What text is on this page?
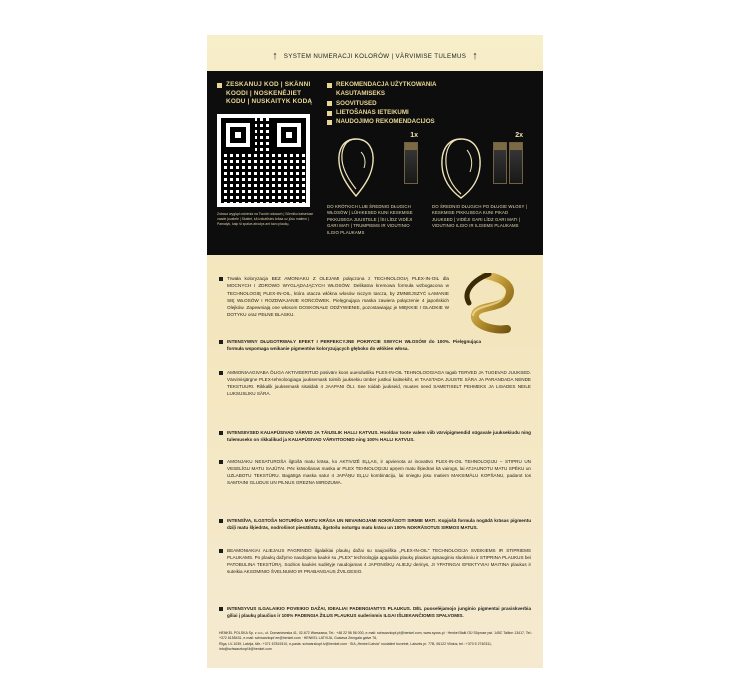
↑ SYSTEM NUMERACJI KOLORÓW | VÄRVIMISE TULEMUS ↑
ZESKANUJ KOD | SKÄNNI KOODI | NOSKENĒJIET KODU | NUSKAITYK KODĄ
Zobacz wygląd odcienia na Twoich włosach | Sõrmiku katsetuse vaade juustele | Skatiet, kā izskatīsies krāsa uz jūsu matiem | Pamatyk, kaip ši spalva atrodys ant tavo plaukų.
REKOMENDACJA UŻYTKOWANIA
KASUTAMISEKS
SOOVITUSED
LIETOŠANAS IETEIKUMI
NAUDOJIMO REKOMENDACIJOS
1x
DO KRÓTKICH LUB ŚREDNIO DŁUGICH WŁOSÓW | LÜHIKESED KUNI KESKMISE PIKKUSEGA JUUSTELE | ĪSI LĪDZ VIDĒJI GARI MATI | TRUMPIEMS IR VIDUTINIO ILGIO PLAUKAMS
2x
DO ŚREDNIO DŁUGICH PO DŁUGIE WŁOSY | KESKMISE PIKKUSEGA KUNI PIKAD JUUKSED | VIDĒJI GARI LĪDZ GARI MATI | VIDUTINIO ILGIO IR ILGIEMS PLAUKAMS
Trwała koloryzacja BEZ AMONIAKU Z OLEJAMI połączona z TECHNOLOGIĄ PLEX-IN-OIL dla MOCNYCH I ZDROWO WYGLĄDAJĄCYCH WŁOSÓW. Delikatna kremowa formuła wzbogacona w TECHNOLOGIĘ PLEX-IN-OIL, która otacza włókna włosów niczym tarcza, by ZMNIEJSZYĆ ŁAMANIE SIĘ WŁOSÓW I ROZDWAJANIE KOŃCÓWEK. Pielęgnująca maska zawiera połączenie 4 japońskich Olejków. Zapewniają one włosom DOSKONAŁE ODŻYWIENIE, pozostawiając je MIĘKKIE I GŁADKIE W DOTYKU oraz PEŁNE BLASKU.
INTENSYWNY DŁUGOTRWAŁY EFEKT I PERFEKCYJNE POKRYCIE SIWYCH WŁOSÓW do 100%. Pielęgnująca formuła wspomaga wnikanie pigmentów koloryzujących głęboko do włókien włosa.
AMMONIAAGIVABA ÕLIGA AKTIVEERITUD püsivärv koos uuendusliku PLEX-IN-OIL TEHNOLOOGIAGA tagab TERVED JA TUGEVAD JUUKSED. Värvimisjärgne PLEX-tehnoloogiaga juuksemask toimib juuksekiu ümber justkui kaitsekiht, et TAASTADA JUUSTE SÄRA JA PARANDADA NENDE TEKSTUURI. Rikkalik juuksemask sisaldab 4 JAAPANI ÕLI. See toidab juukseid, muutes need SAMETISELT PEHMEKS JA LISADES NEILE LUKSUSLIKU SÄRA.
INTENSIIVSED KAUAPÜSIVAD VÄRVID JA TÄIUSLIK HALLI KATVUS. Hooldav toote valem viib värvipigmendid sügavale juuksekiudu ning tulemuseks on rikkalikud ja KAUAPÜSIVAD VÄRVITOONID ning 100% HALLI KATVUS.
AMONJAKU NESATUROŠA ilgtošā matu krāsa, ko AKTIVIZĒ EĻĻAS, ir apvienota ar inovatīvo PLEX-IN-OIL TEHNOLOĢIJU – STIPRU UN VESELĪGU MATU SAJŪTAI. Pēc krāsošanas maska ar PLEX TEHNOLOĢIJU apņem matu šķiedras kā vairogs, lai ATJAUNOTU MATU SPĒKU un UZLABOTU TEKSTŪRU. Bagātīgā maska satur 4 JAPĀŅU EĻĻU kombināciju, lai sniegtu jūsu matiem MAKSIMĀLU KOPŠANU, padarot tos SAMTAINI GLUDUS UN PILNUS GREZNA MIRDZUMA.
INTENSĪVA, ILGSTOŠA NOTURĪGA MATU KRĀSA UN NEVAINOJAMI NOKRĀSOTI SIRMIE MATI. Kopjošā formula nogādā krāsas pigmentu dziļi matu šķiedrās, nodrošinot piesātinātu, ilgstošu noturīgu matu krāsu un 100% NOKRĀSOTUS SIRMOS MATUS.
BEAMONIAKIAI ALIEJAUS PAGRINDO ilgalaikiai plaukų dažai su naujoviška „PLEX-IN-OIL" TECHNOLOGIJA SVEIKIEMS IR STIPRIEMS PLAUKAMS. Po plaukų dažymo naudojama kaukė su „PLEX" technologija apgaubia plaukų plaukus apsauginiu sluoksniu ir STIPRINA PLAUKUS bei PATOBULINA TEKSTŪRĄ. Sodrios kaukės sudėtyje naudojamas 4 JAPONIŠKŲ ALIEJŲ derinys, JI YPATINGAI EFEKTYVIAI MAITINA plaukus ir suteikia AKSOMINIO ŠVELNUMO IR PRABANGAUS ŽVILGESIO.
INTENSYVUS ILGALAIKIO POVEIKIO DAŽAI, IDEALIAI PADENGIANTYS PLAUKUS. DĖL puoselėjamojo junginio pigmentai prasiskverbia giliai į plaukų plaučius ir 100% PADENGIA ŽILUS PLAUKUS suderinmis ILGAI IŠLIEKANČIOMIS SPALVOMIS.
HENKEL POLSKA Sp. z o.o., ul. Domaniewska 41, 02-672 Warszawa, Tel.: +48 22 56 56 000, e-mail: schwarzkopf.pl@henkel.com, www.syoss.pl · Henkel Balti OÜ Sõpruse pst. 145C Tallinn 13417, Tel.: +372 6155431, e-mail: schwarzkopf.ee@henkel.com · HENKEL LATVIJA, Gustava Zemgala gatve 76,
Rīga, LV-1039, Latvija, tālr.: +371 67819310, e-pasts: schwarzkopf.lv@henkel.com · SIA „Henkel Latvia" nuolatinė buveinė, Laisvės pr. 77B, 06122 Vilnius; tel.: +370 5 2740311, info@schwarzkopf.lt@henkel.com
